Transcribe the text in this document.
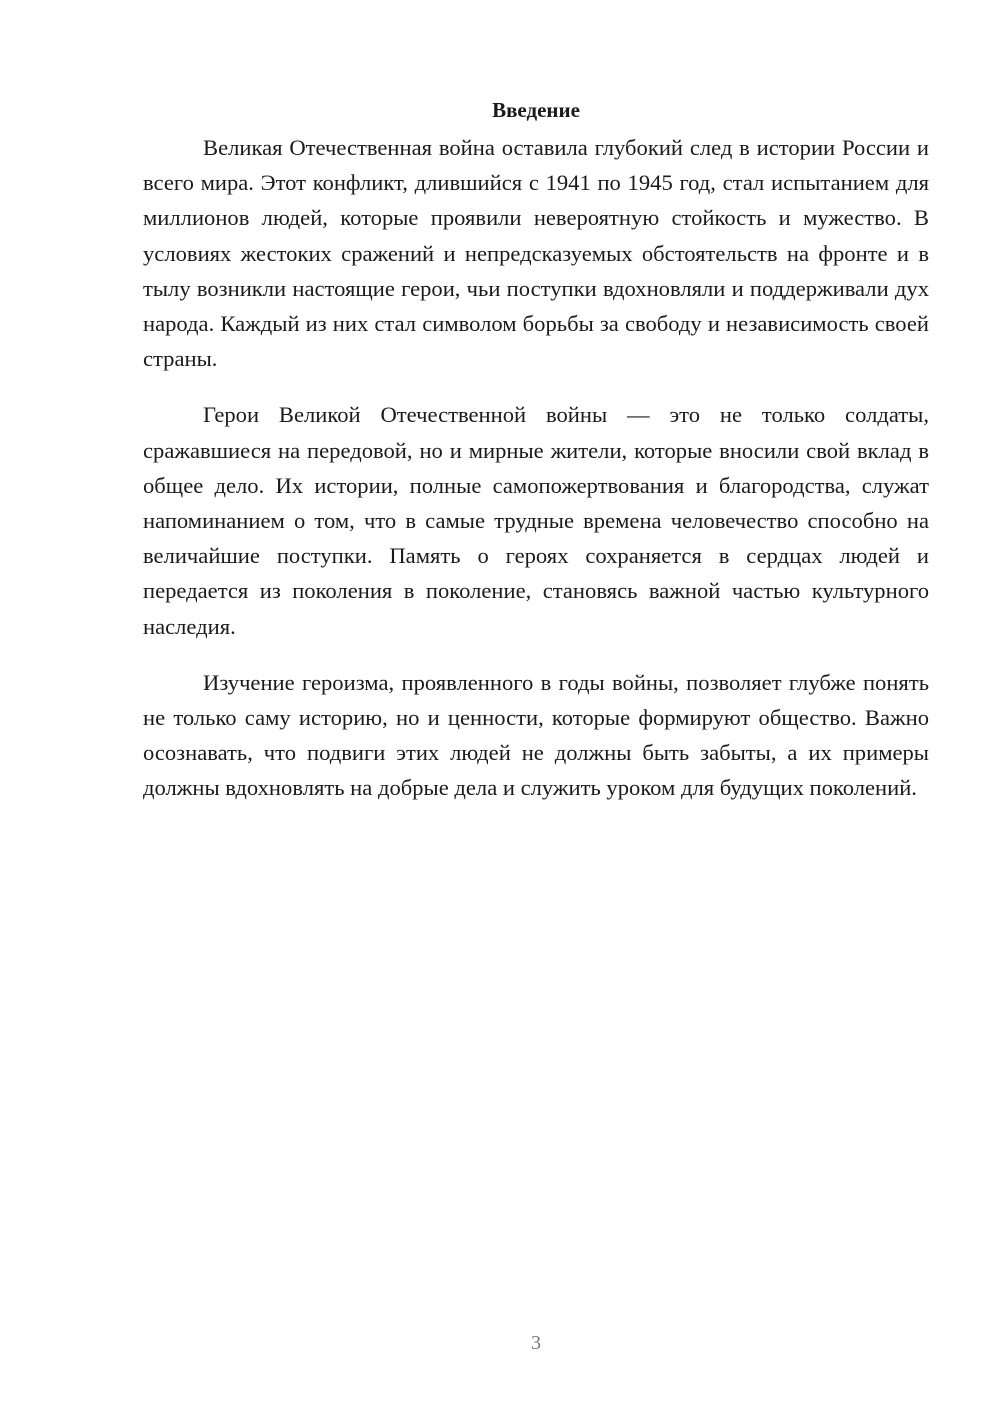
Введение

Великая Отечественная война оставила глубокий след в истории России и всего мира. Этот конфликт, длившийся с 1941 по 1945 год, стал испытанием для миллионов людей, которые проявили невероятную стойкость и мужество. В условиях жестоких сражений и непредсказуемых обстоятельств на фронте и в тылу возникли настоящие герои, чьи поступки вдохновляли и поддерживали дух народа. Каждый из них стал символом борьбы за свободу и независимость своей страны.

Герои Великой Отечественной войны — это не только солдаты, сражавшиеся на передовой, но и мирные жители, которые вносили свой вклад в общее дело. Их истории, полные самопожертвования и благородства, служат напоминанием о том, что в самые трудные времена человечество способно на величайшие поступки. Память о героях сохраняется в сердцах людей и передается из поколения в поколение, становясь важной частью культурного наследия.

Изучение героизма, проявленного в годы войны, позволяет глубже понять не только саму историю, но и ценности, которые формируют общество. Важно осознавать, что подвиги этих людей не должны быть забыты, а их примеры должны вдохновлять на добрые дела и служить уроком для будущих поколений.

3
